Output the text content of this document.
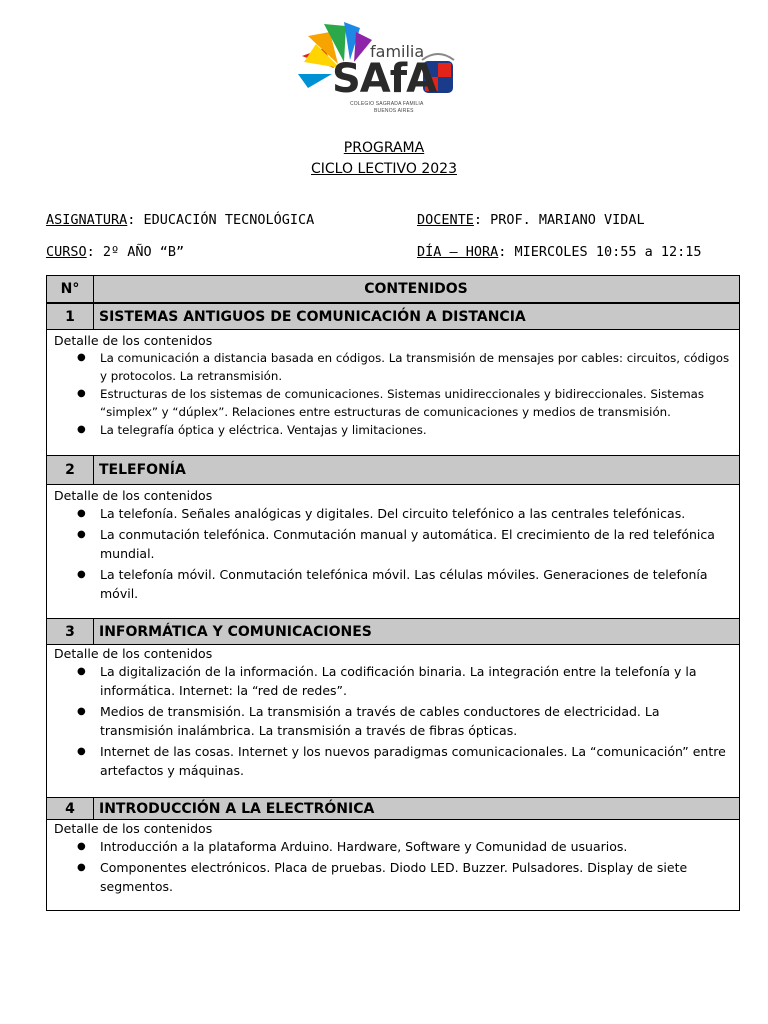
familia
SAfA
COLEGIO SAGRADA FAMILIA
BUENOS AIRES
PROGRAMA
CICLO LECTIVO 2023
ASIGNATURA: EDUCACIÓN TECNOLÓGICA	DOCENTE: PROF. MARIANO VIDAL
CURSO: 2º AÑO “B”	DÍA – HORA: MIERCOLES 10:55 a 12:15
N°	CONTENIDOS
1	SISTEMAS ANTIGUOS DE COMUNICACIÓN A DISTANCIA
Detalle de los contenidos
● La comunicación a distancia basada en códigos. La transmisión de mensajes por cables: circuitos, códigos y protocolos. La retransmisión.
● Estructuras de los sistemas de comunicaciones. Sistemas unidireccionales y bidireccionales. Sistemas “simplex” y “dúplex”. Relaciones entre estructuras de comunicaciones y medios de transmisión.
● La telegrafía óptica y eléctrica. Ventajas y limitaciones.
2	TELEFONÍA
Detalle de los contenidos
● La telefonía. Señales analógicas y digitales. Del circuito telefónico a las centrales telefónicas.
● La conmutación telefónica. Conmutación manual y automática. El crecimiento de la red telefónica mundial.
● La telefonía móvil. Conmutación telefónica móvil. Las células móviles. Generaciones de telefonía móvil.
3	INFORMÁTICA Y COMUNICACIONES
Detalle de los contenidos
● La digitalización de la información. La codificación binaria. La integración entre la telefonía y la informática. Internet: la “red de redes”.
● Medios de transmisión. La transmisión a través de cables conductores de electricidad. La transmisión inalámbrica. La transmisión a través de fibras ópticas.
● Internet de las cosas. Internet y los nuevos paradigmas comunicacionales. La “comunicación” entre artefactos y máquinas.
4	INTRODUCCIÓN A LA ELECTRÓNICA
Detalle de los contenidos
● Introducción a la plataforma Arduino. Hardware, Software y Comunidad de usuarios.
● Componentes electrónicos. Placa de pruebas. Diodo LED. Buzzer. Pulsadores. Display de siete segmentos.
